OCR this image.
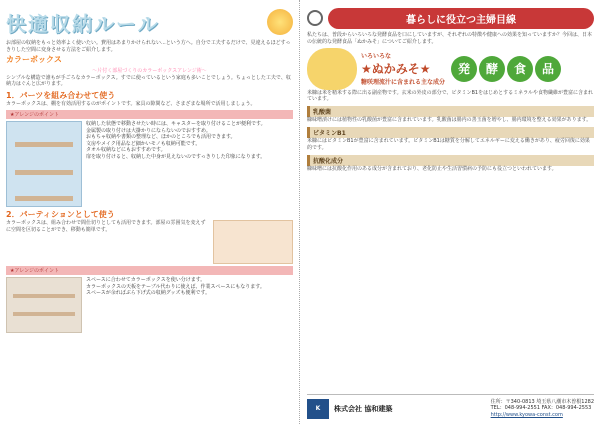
快適収納ルール

お部屋の収納をもっと効率よく使いたい。費用はあまりかけられない...という方へ。自分で工夫するだけで、見違えるほどすっきりした空間に変身させる方法をご紹介します。

カラーボックス
〜片付く部屋づくりのカラーボックスアレンジ術〜

シンプルな構造で誰もが手ごろなカラーボックス。すでに使っているという家庭も多いことでしょう。ちょっとした工夫で、収納力はぐんと広がります。

1．パーツを組み合わせて使う

カラーボックスは、棚を有効活用するのがポイントです。家具の隙間など、さまざまな場所で活用しましょう。

★アレンジのポイント

収納した状態で移動させたい時には、キャスターを取り付けることが便利です。

金属製の取り付けは大掛かりにならないのでおすすめ。

おもちゃ収納や書類の整理など、ほかのところでも活用できます。

文房やメイク用品など細かいモノも収納可能です。

タオル収納などにもおすすめです。

扉を取り付けると、収納した中身が見えないのですっきりした印象になります。

2．パーティションとして使う

カラーボックスは、組み合わせで間仕切りとしても活用できます。部屋の雰囲気を変えずに空間を区切ることができ、移動も簡単です。

★アレンジのポイント

スペースに合わせてカラーボックスを使い分けます。

カラーボックスの天板をテーブル代わりに使えば、作業スペースにもなります。

スペースが余ればぶら下げ式の収納グッズも便利です。

暮らしに役立つ主婦目線

私たちは、普段からいろいろな発酵食品を口にしていますが、それぞれの特徴や健康への効果を知っていますか？今回は、日本の伝統的な発酵食品「ぬかみそ」についてご紹介します。

いろいろな
★ぬかみそ★
糖咲理流汁に含まれる主な成分
発	酵	食	品

米糠は米を精米する際に出る副産物です。玄米の外皮の部分で、ビタミンB1をはじめとするミネラルや食物繊維が豊富に含まれています。

乳酸菌

糠味噌漬けには植物性の乳酸菌が豊富に含まれています。乳酸菌は腸内の善玉菌を増やし、腸内環境を整える効果があります。

ビタミンB1

米糠にはビタミンB1が豊富に含まれています。ビタミンB1は糖質を分解してエネルギーに変える働きがあり、疲労回復に効果的です。

抗酸化成分

糠味噌には抗酸化作用のある成分が含まれており、老化防止や生活習慣病の予防にも役立つといわれています。

K	株式会社 協和建築
住所：〒340-0813 埼玉県八潮市木曽根1282
TEL：048-994-2551 FAX：048-994-2553
http://www.kyowa-const.com
